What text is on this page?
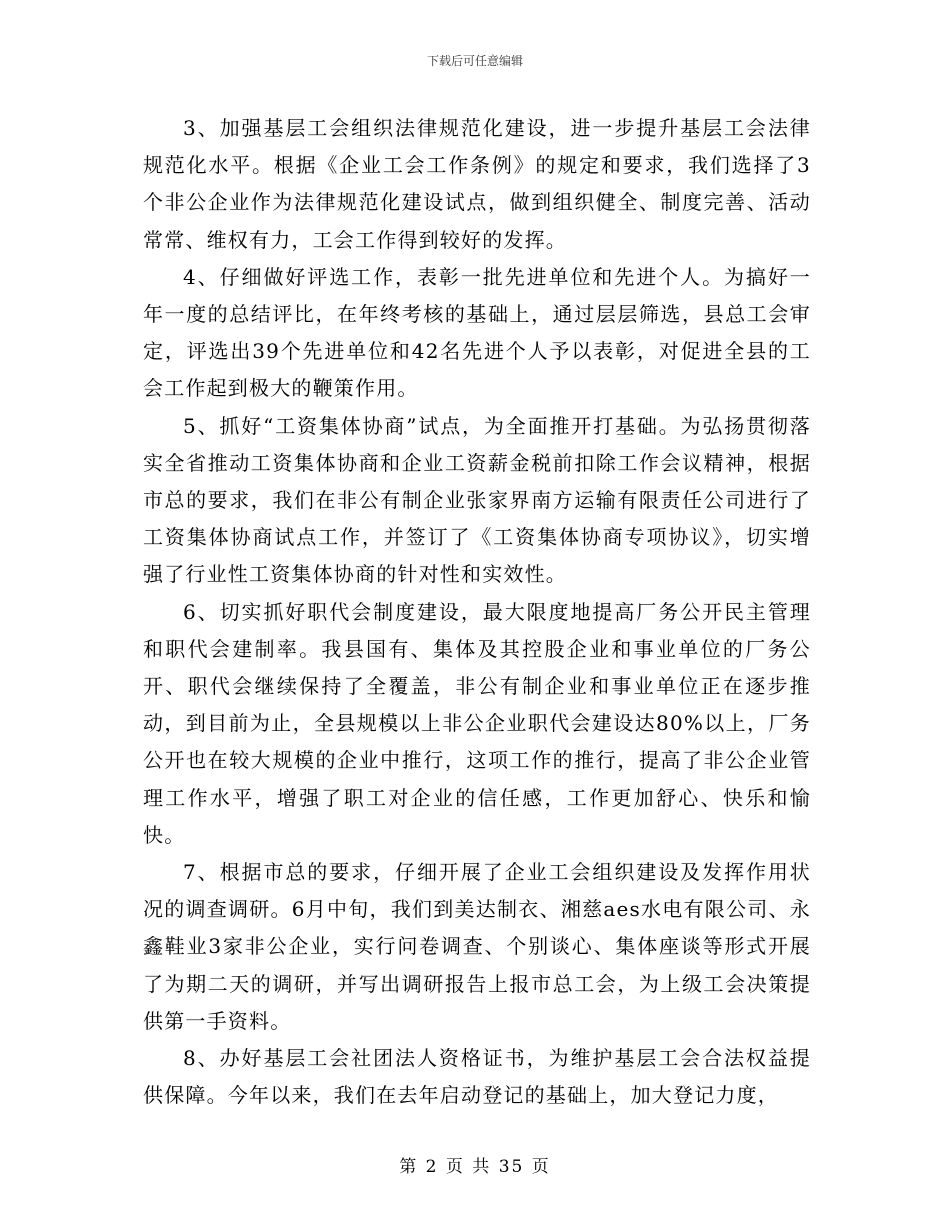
下载后可任意编辑

3、加强基层工会组织法律规范化建设，进一步提升基层工会法律规范化水平。根据《企业工会工作条例》的规定和要求，我们选择了3个非公企业作为法律规范化建设试点，做到组织健全、制度完善、活动常常、维权有力，工会工作得到较好的发挥。

4、仔细做好评选工作，表彰一批先进单位和先进个人。为搞好一年一度的总结评比，在年终考核的基础上，通过层层筛选，县总工会审定，评选出39个先进单位和42名先进个人予以表彰，对促进全县的工会工作起到极大的鞭策作用。

5、抓好“工资集体协商”试点，为全面推开打基础。为弘扬贯彻落实全省推动工资集体协商和企业工资薪金税前扣除工作会议精神，根据市总的要求，我们在非公有制企业张家界南方运输有限责任公司进行了工资集体协商试点工作，并签订了《工资集体协商专项协议》，切实增强了行业性工资集体协商的针对性和实效性。

6、切实抓好职代会制度建设，最大限度地提高厂务公开民主管理和职代会建制率。我县国有、集体及其控股企业和事业单位的厂务公开、职代会继续保持了全覆盖，非公有制企业和事业单位正在逐步推动，到目前为止，全县规模以上非公企业职代会建设达80%以上，厂务公开也在较大规模的企业中推行，这项工作的推行，提高了非公企业管理工作水平，增强了职工对企业的信任感，工作更加舒心、快乐和愉快。

7、根据市总的要求，仔细开展了企业工会组织建设及发挥作用状况的调查调研。6月中旬，我们到美达制衣、湘慈aes水电有限公司、永鑫鞋业3家非公企业，实行问卷调查、个别谈心、集体座谈等形式开展了为期二天的调研，并写出调研报告上报市总工会，为上级工会决策提供第一手资料。

8、办好基层工会社团法人资格证书，为维护基层工会合法权益提供保障。今年以来，我们在去年启动登记的基础上，加大登记力度，

第 2 页 共 35 页
